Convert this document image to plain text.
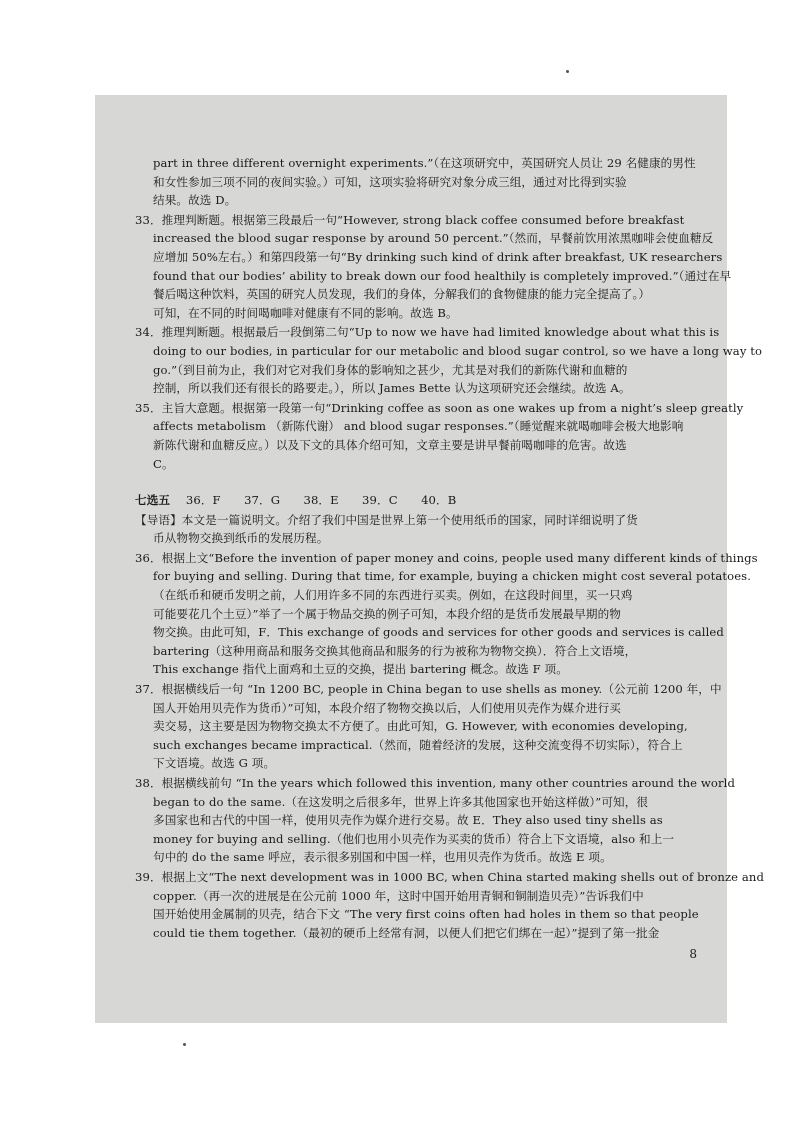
part in three different overnight experiments.”（在这项研究中，英国研究人员让 29 名健康的男性
和女性参加三项不同的夜间实验。）可知，这项实验将研究对象分成三组，通过对比得到实验
结果。故选 D。
33．推理判断题。根据第三段最后一句“However, strong black coffee consumed before breakfast
increased the blood sugar response by around 50 percent.”（然而，早餐前饮用浓黑咖啡会使血糖反
应增加 50%左右。）和第四段第一句“By drinking such kind of drink after breakfast, UK researchers
found that our bodies’ ability to break down our food healthily is completely improved.”（通过在早
餐后喝这种饮料，英国的研究人员发现，我们的身体，分解我们的食物健康的能力完全提高了。）
可知，在不同的时间喝咖啡对健康有不同的影响。故选 B。
34．推理判断题。根据最后一段倒第二句“Up to now we have had limited knowledge about what this is
doing to our bodies, in particular for our metabolic and blood sugar control, so we have a long way to
go.”（到目前为止，我们对它对我们身体的影响知之甚少，尤其是对我们的新陈代谢和血糖的
控制，所以我们还有很长的路要走。），所以 James Bette 认为这项研究还会继续。故选 A。
35．主旨大意题。根据第一段第一句“Drinking coffee as soon as one wakes up from a night’s sleep greatly
affects metabolism （新陈代谢） and blood sugar responses.”（睡觉醒来就喝咖啡会极大地影响
新陈代谢和血糖反应。）以及下文的具体介绍可知，文章主要是讲早餐前喝咖啡的危害。故选
C。
七选五 36．F　　37．G　　38．E　　39．C　　40．B
【导语】本文是一篇说明文。介绍了我们中国是世界上第一个使用纸币的国家，同时详细说明了货
币从物物交换到纸币的发展历程。
36．根据上文“Before the invention of paper money and coins, people used many different kinds of things
for buying and selling. During that time, for example, buying a chicken might cost several potatoes.
（在纸币和硬币发明之前，人们用许多不同的东西进行买卖。例如，在这段时间里，买一只鸡
可能要花几个土豆）”举了一个属于物品交换的例子可知，本段介绍的是货币发展最早期的物
物交换。由此可知，F．This exchange of goods and services for other goods and services is called
bartering（这种用商品和服务交换其他商品和服务的行为被称为物物交换）．符合上文语境，
This exchange 指代上面鸡和土豆的交换，提出 bartering 概念。故选 F 项。
37．根据横线后一句 “In 1200 BC, people in China began to use shells as money.（公元前 1200 年，中
国人开始用贝壳作为货币）”可知，本段介绍了物物交换以后，人们使用贝壳作为媒介进行买
卖交易，这主要是因为物物交换太不方便了。由此可知，G. However, with economies developing,
such exchanges became impractical.（然而，随着经济的发展，这种交流变得不切实际），符合上
下文语境。故选 G 项。
38．根据横线前句 “In the years which followed this invention, many other countries around the world
began to do the same.（在这发明之后很多年，世界上许多其他国家也开始这样做）”可知，很
多国家也和古代的中国一样，使用贝壳作为媒介进行交易。故 E．They also used tiny shells as
money for buying and selling.（他们也用小贝壳作为买卖的货币）符合上下文语境，also 和上一
句中的 do the same 呼应，表示很多别国和中国一样，也用贝壳作为货币。故选 E 项。
39．根据上文“The next development was in 1000 BC, when China started making shells out of bronze and
copper.（再一次的进展是在公元前 1000 年，这时中国开始用青铜和铜制造贝壳）”告诉我们中
国开始使用金属制的贝壳，结合下文 “The very first coins often had holes in them so that people
could tie them together.（最初的硬币上经常有洞，以便人们把它们绑在一起）”提到了第一批金
8
